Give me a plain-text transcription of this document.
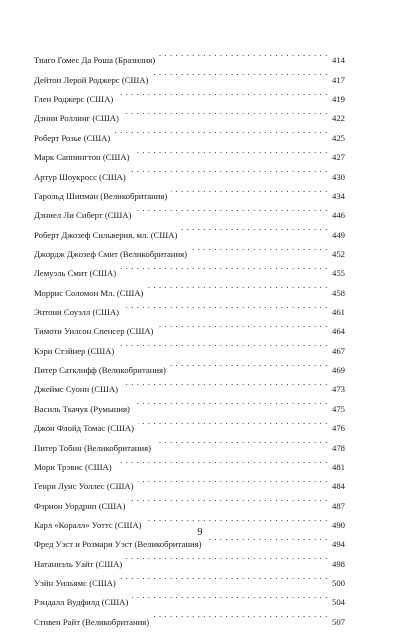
Тиаго Гомес Да Роша (Бразилия) . . .	414
Дейтон Лерой Роджерс (США) . . .	417
Глен Роджерс (США) . . .	419
Дэнни Роллинг (США) . . .	422
Роберт Розье (США) . . .	425
Марк Саппингтон (США) . . .	427
Артур Шоукросс (США) . . .	430
Гарольд Шипман (Великобритания) . . .	434
Дэниел Ли Сиберт (США) . . .	446
Роберт Джозеф Сильверия, мл. (США) . . .	449
Джордж Джозеф Смит (Великобритания) . . .	452
Лемуэль Смит (США) . . .	455
Моррис Соломон Мл. (США) . . .	458
Энтони Соуэлл (США) . . .	461
Тимоти Уилсон Спенсер (США) . . .	464
Кэри Стэйнер (США) . . .	467
Питер Сатклифф (Великобритания) . . .	469
Джеймс Суонн (США) . . .	473
Василь Ткачук (Румыния) . . .	475
Джон Флойд Томас (США) . . .	476
Питер Тобин (Великобритания) . . .	478
Мори Трэвис (США) . . .	481
Генри Луис Уоллес (США) . . .	484
Фэрион Уордрип (США) . . .	487
Карл «Коралл» Уоттс (США) . . .	490
Фред Уэст и Розмари Уэст (Великобритания) . . .	494
Натаниэль Уайт (США) . . .	498
Уэйн Уильямс (США) . . .	500
Рэндалл Вудфилд (США) . . .	504
Стивен Райт (Великобритания) . . .	507
9
